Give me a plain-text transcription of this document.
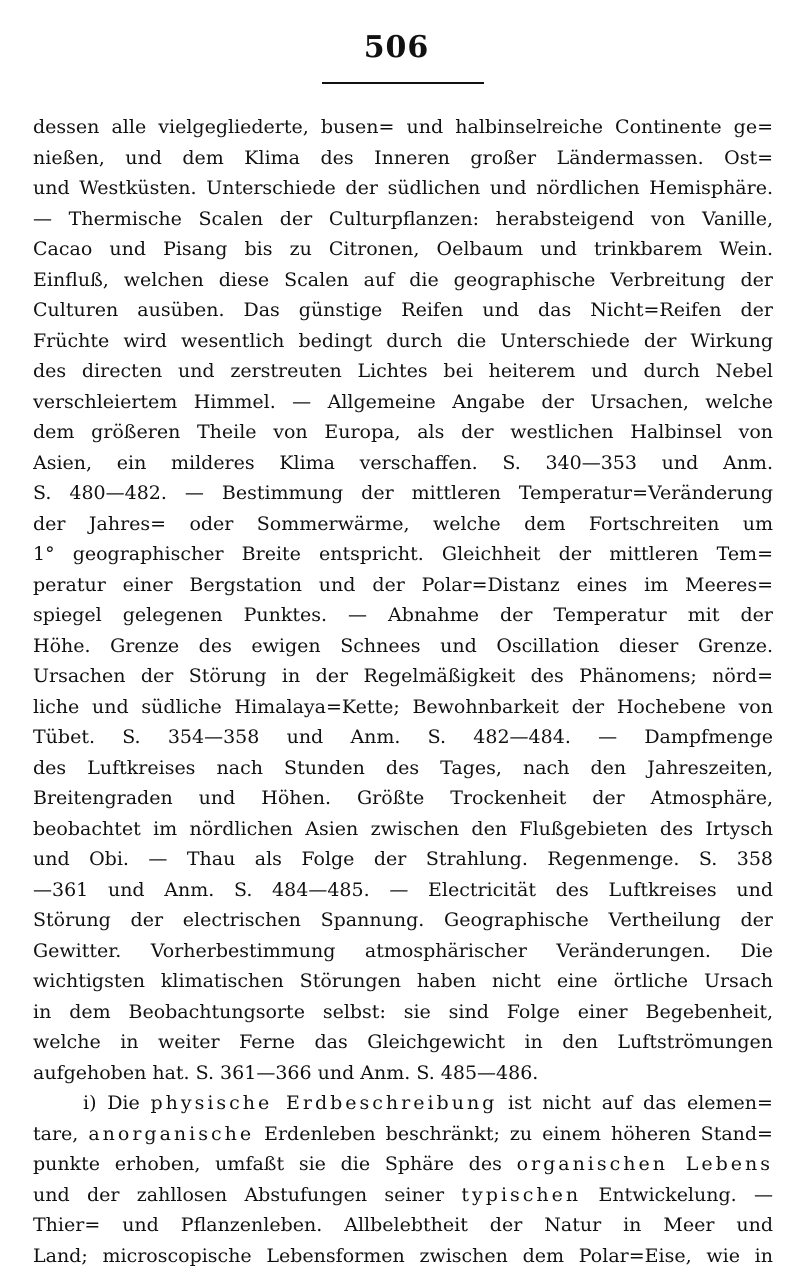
506
dessen alle vielgegliederte, busen= und halbinselreiche Continente ge=
nießen, und dem Klima des Inneren großer Ländermassen. Ost=
und Westküsten. Unterschiede der südlichen und nördlichen Hemisphäre.
— Thermische Scalen der Culturpflanzen: herabsteigend von Vanille,
Cacao und Pisang bis zu Citronen, Oelbaum und trinkbarem Wein.
Einfluß, welchen diese Scalen auf die geographische Verbreitung der
Culturen ausüben. Das günstige Reifen und das Nicht=Reifen der
Früchte wird wesentlich bedingt durch die Unterschiede der Wirkung
des directen und zerstreuten Lichtes bei heiterem und durch Nebel
verschleiertem Himmel. — Allgemeine Angabe der Ursachen, welche
dem größeren Theile von Europa, als der westlichen Halbinsel von
Asien, ein milderes Klima verschaffen. S. 340—353 und Anm.
S. 480—482. — Bestimmung der mittleren Temperatur=Veränderung
der Jahres= oder Sommerwärme, welche dem Fortschreiten um
1° geographischer Breite entspricht. Gleichheit der mittleren Tem=
peratur einer Bergstation und der Polar=Distanz eines im Meeres=
spiegel gelegenen Punktes. — Abnahme der Temperatur mit der
Höhe. Grenze des ewigen Schnees und Oscillation dieser Grenze.
Ursachen der Störung in der Regelmäßigkeit des Phänomens; nörd=
liche und südliche Himalaya=Kette; Bewohnbarkeit der Hochebene von
Tübet. S. 354—358 und Anm. S. 482—484. — Dampfmenge
des Luftkreises nach Stunden des Tages, nach den Jahreszeiten,
Breitengraden und Höhen. Größte Trockenheit der Atmosphäre,
beobachtet im nördlichen Asien zwischen den Flußgebieten des Irtysch
und Obi. — Thau als Folge der Strahlung. Regenmenge. S. 358
—361 und Anm. S. 484—485. — Electricität des Luftkreises und
Störung der electrischen Spannung. Geographische Vertheilung der
Gewitter. Vorherbestimmung atmosphärischer Veränderungen. Die
wichtigsten klimatischen Störungen haben nicht eine örtliche Ursach
in dem Beobachtungsorte selbst: sie sind Folge einer Begebenheit,
welche in weiter Ferne das Gleichgewicht in den Luftströmungen
aufgehoben hat. S. 361—366 und Anm. S. 485—486.
i) Die physische Erdbeschreibung ist nicht auf das elemen=
tare, anorganische Erdenleben beschränkt; zu einem höheren Stand=
punkte erhoben, umfaßt sie die Sphäre des organischen Lebens
und der zahllosen Abstufungen seiner typischen Entwickelung. —
Thier= und Pflanzenleben. Allbelebtheit der Natur in Meer und
Land; microscopische Lebensformen zwischen dem Polar=Eise, wie in
